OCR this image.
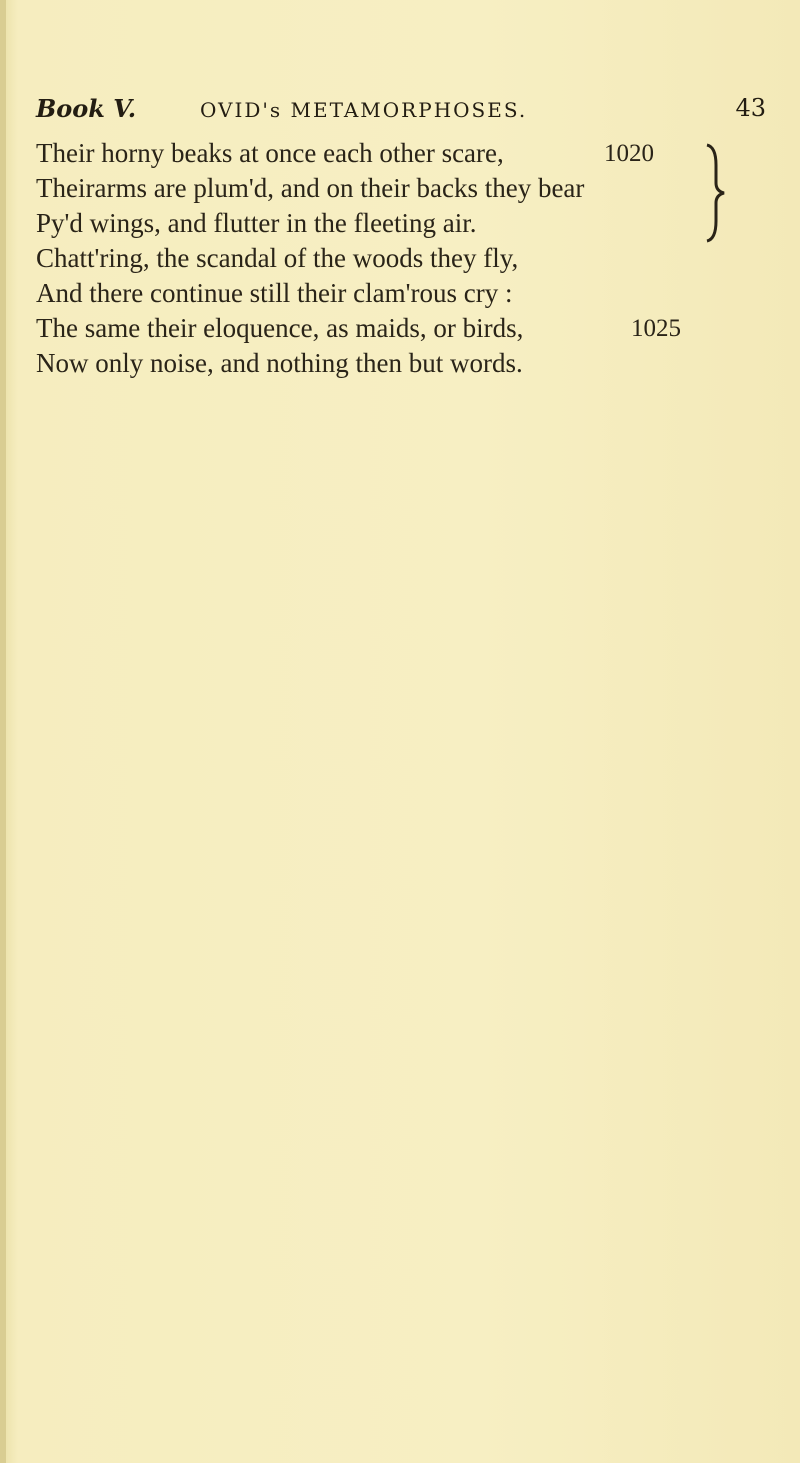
Book V.	OVID's METAMORPHOSES.	43
Their horny beaks at once each other scare,	1020
Theirarms are plum'd, and on their backs they bear
Py'd wings, and flutter in the fleeting air.
Chatt'ring, the scandal of the woods they fly,
And there continue still their clam'rous cry :
The same their eloquence, as maids, or birds,	1025
Now only noise, and nothing then but words.
